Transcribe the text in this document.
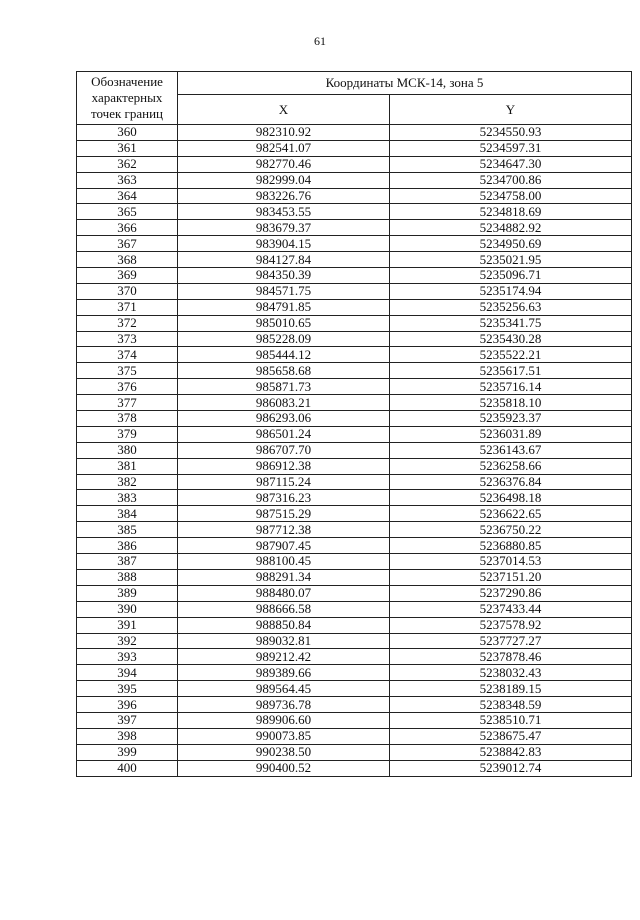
61
Обозначение характерных точек границ	Координаты МСК-14, зона 5	
	X	Y
360	982310.92	5234550.93
361	982541.07	5234597.31
362	982770.46	5234647.30
363	982999.04	5234700.86
364	983226.76	5234758.00
365	983453.55	5234818.69
366	983679.37	5234882.92
367	983904.15	5234950.69
368	984127.84	5235021.95
369	984350.39	5235096.71
370	984571.75	5235174.94
371	984791.85	5235256.63
372	985010.65	5235341.75
373	985228.09	5235430.28
374	985444.12	5235522.21
375	985658.68	5235617.51
376	985871.73	5235716.14
377	986083.21	5235818.10
378	986293.06	5235923.37
379	986501.24	5236031.89
380	986707.70	5236143.67
381	986912.38	5236258.66
382	987115.24	5236376.84
383	987316.23	5236498.18
384	987515.29	5236622.65
385	987712.38	5236750.22
386	987907.45	5236880.85
387	988100.45	5237014.53
388	988291.34	5237151.20
389	988480.07	5237290.86
390	988666.58	5237433.44
391	988850.84	5237578.92
392	989032.81	5237727.27
393	989212.42	5237878.46
394	989389.66	5238032.43
395	989564.45	5238189.15
396	989736.78	5238348.59
397	989906.60	5238510.71
398	990073.85	5238675.47
399	990238.50	5238842.83
400	990400.52	5239012.74
